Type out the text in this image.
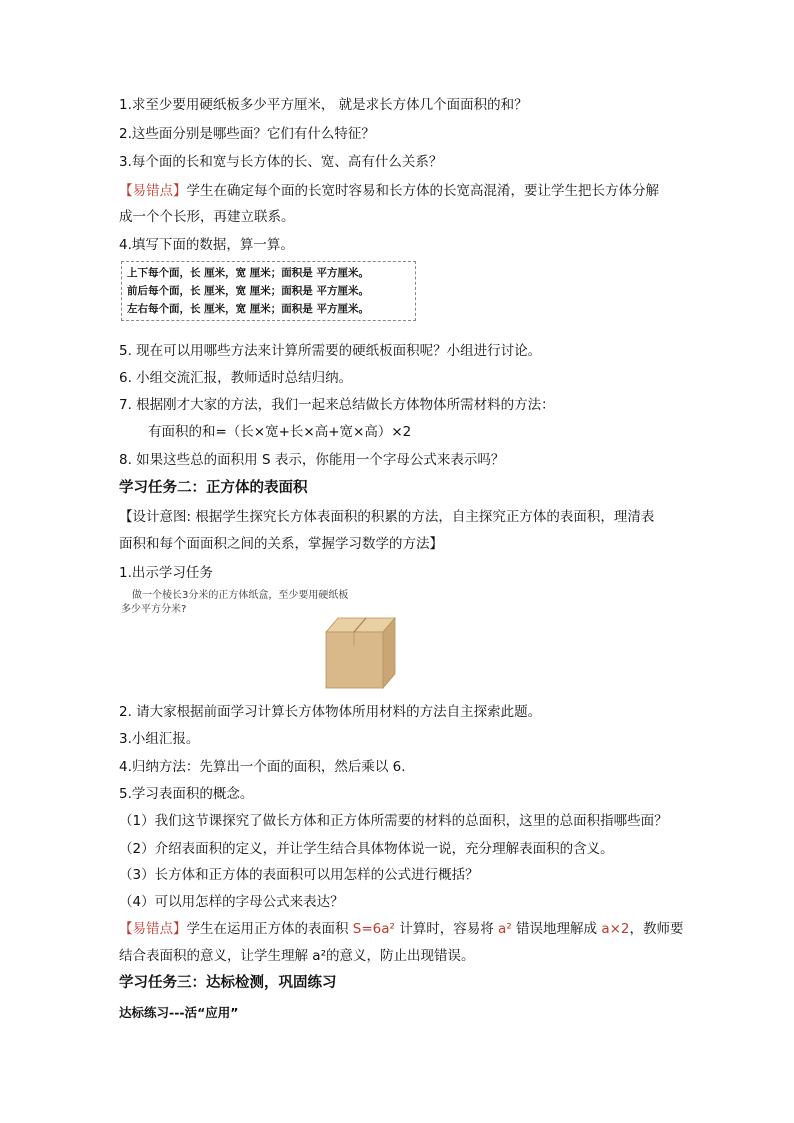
1.求至少要用硬纸板多少平方厘米， 就是求长方体几个面面积的和？
2.这些面分别是哪些面？它们有什么特征？
3.每个面的长和宽与长方体的长、宽、高有什么关系？
【易错点】学生在确定每个面的长宽时容易和长方体的长宽高混淆，要让学生把长方体分解
成一个个长形，再建立联系。
4.填写下面的数据，算一算。
上下每个面，长 厘米，宽 厘米；面积是 平方厘米。
前后每个面，长 厘米，宽 厘米；面积是 平方厘米。
左右每个面，长 厘米，宽 厘米；面积是 平方厘米。
5. 现在可以用哪些方法来计算所需要的硬纸板面积呢？小组进行讨论。
6. 小组交流汇报，教师适时总结归纳。
7. 根据刚才大家的方法，我们一起来总结做长方体物体所需材料的方法：
有面积的和=（长×宽+长×高+宽×高）×2
8. 如果这些总的面积用 S 表示，你能用一个字母公式来表示吗？
学习任务二：正方体的表面积
【设计意图: 根据学生探究长方体表面积的积累的方法，自主探究正方体的表面积，理清表
面积和每个面面积之间的关系，掌握学习数学的方法】
1.出示学习任务
做一个棱长3分米的正方体纸盒，至少要用硬纸板
多少平方分米?
2. 请大家根据前面学习计算长方体物体所用材料的方法自主探索此题。
3.小组汇报。
4.归纳方法：先算出一个面的面积，然后乘以 6.
5.学习表面积的概念。
（1）我们这节课探究了做长方体和正方体所需要的材料的总面积，这里的总面积指哪些面？
（2）介绍表面积的定义，并让学生结合具体物体说一说，充分理解表面积的含义。
（3）长方体和正方体的表面积可以用怎样的公式进行概括？
（4）可以用怎样的字母公式来表达？
【易错点】学生在运用正方体的表面积 S=6a² 计算时，容易将 a² 错误地理解成 a×2，教师要
结合表面积的意义，让学生理解 a²的意义，防止出现错误。
学习任务三：达标检测，巩固练习
达标练习---活“应用”
